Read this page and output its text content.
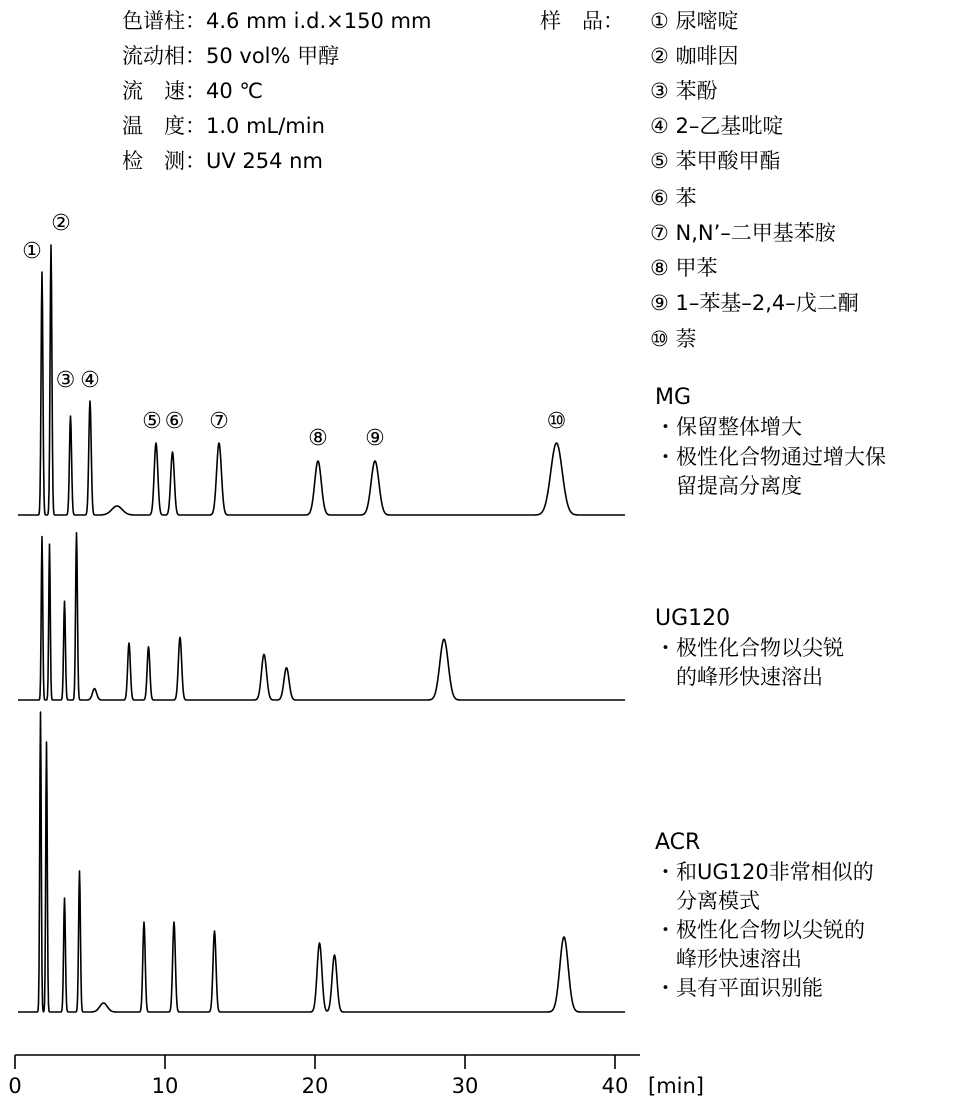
色谱柱：4.6 mm i.d.×150 mm
流动相：50 vol% 甲醇
流　速：40 ℃
温　度：1.0 mL/min
检　测：UV 254 nm
样　品： ① 尿嘧啶
② 咖啡因
③ 苯酚
④ 2–乙基吡啶
⑤ 苯甲酸甲酯
⑥ 苯
⑦ N,N’–二甲基苯胺
⑧ 甲苯
⑨ 1–苯基–2,4–戊二酮
⑩ 萘
MG
・保留整体增大
・极性化合物通过增大保
　留提高分离度
UG120
・极性化合物以尖锐
　的峰形快速溶出
ACR
・和UG120非常相似的
　分离模式
・极性化合物以尖锐的
　峰形快速溶出
・具有平面识别能
①
②
③ ④
⑤ ⑥ ⑦
⑧ ⑨
⑩
0	10	20	30	40 [min]
